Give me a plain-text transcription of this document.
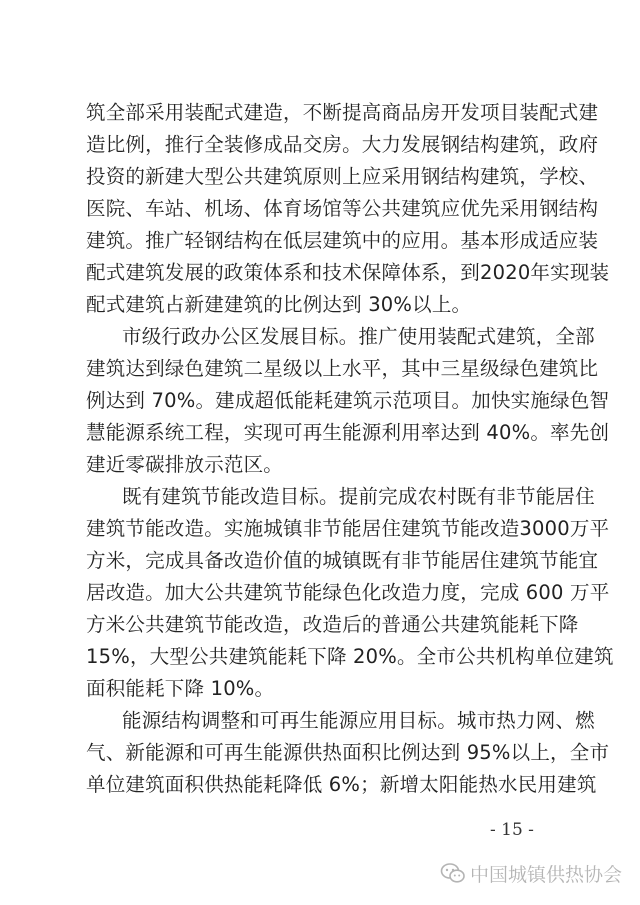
筑全部采用装配式建造，不断提高商品房开发项目装配式建
造比例，推行全装修成品交房。大力发展钢结构建筑，政府
投资的新建大型公共建筑原则上应采用钢结构建筑，学校、
医院、车站、机场、体育场馆等公共建筑应优先采用钢结构
建筑。推广轻钢结构在低层建筑中的应用。基本形成适应装
配式建筑发展的政策体系和技术保障体系，到2020年实现装
配式建筑占新建建筑的比例达到 30%以上。
市级行政办公区发展目标。推广使用装配式建筑，全部
建筑达到绿色建筑二星级以上水平，其中三星级绿色建筑比
例达到 70%。建成超低能耗建筑示范项目。加快实施绿色智
慧能源系统工程，实现可再生能源利用率达到 40%。率先创
建近零碳排放示范区。
既有建筑节能改造目标。提前完成农村既有非节能居住
建筑节能改造。实施城镇非节能居住建筑节能改造3000万平
方米，完成具备改造价值的城镇既有非节能居住建筑节能宜
居改造。加大公共建筑节能绿色化改造力度，完成 600 万平
方米公共建筑节能改造，改造后的普通公共建筑能耗下降
15%，大型公共建筑能耗下降 20%。全市公共机构单位建筑
面积能耗下降 10%。
能源结构调整和可再生能源应用目标。城市热力网、燃
气、新能源和可再生能源供热面积比例达到 95%以上，全市
单位建筑面积供热能耗降低 6%；新增太阳能热水民用建筑
- 15 -
中国城镇供热协会
